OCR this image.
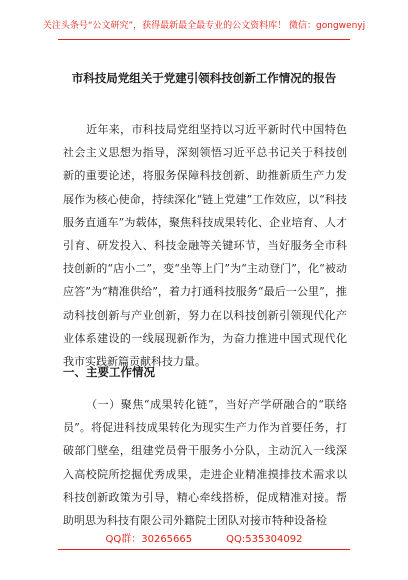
关注头条号“公文研究”，获得最新最全最专业的公文资料库！ 微信：gongwenyj
市科技局党组关于党建引领科技创新工作情况的报告

近年来，市科技局党组坚持以习近平新时代中国特色社会主义思想为指导，深刻领悟习近平总书记关于科技创新的重要论述，将服务保障科技创新、助推新质生产力发展作为核心使命，持续深化“链上党建”工作效应，以“科技服务直通车”为载体，聚焦科技成果转化、企业培育、人才引育、研发投入、科技金融等关键环节，当好服务全市科技创新的“店小二”，变“坐等上门”为“主动登门”，化“被动应答”为“精准供给”，着力打通科技服务“最后一公里”，推动科技创新与产业创新，努力在以科技创新引领现代化产业体系建设的一线展现新作为，为奋力推进中国式现代化我市实践新篇贡献科技力量。

一、主要工作情况

（一）聚焦“成果转化链”，当好产学研融合的“联络员”。将促进科技成果转化为现实生产力作为首要任务，打破部门壁垒，组建党员骨干服务小分队，主动沉入一线深入高校院所挖掘优秀成果，走进企业精准摸排技术需求以科技创新政策为引导，精心牵线搭桥，促成精准对接。帮助明思为科技有限公司外籍院士团队对接市特种设备检

QQ群：30265665	QQ:535304092
